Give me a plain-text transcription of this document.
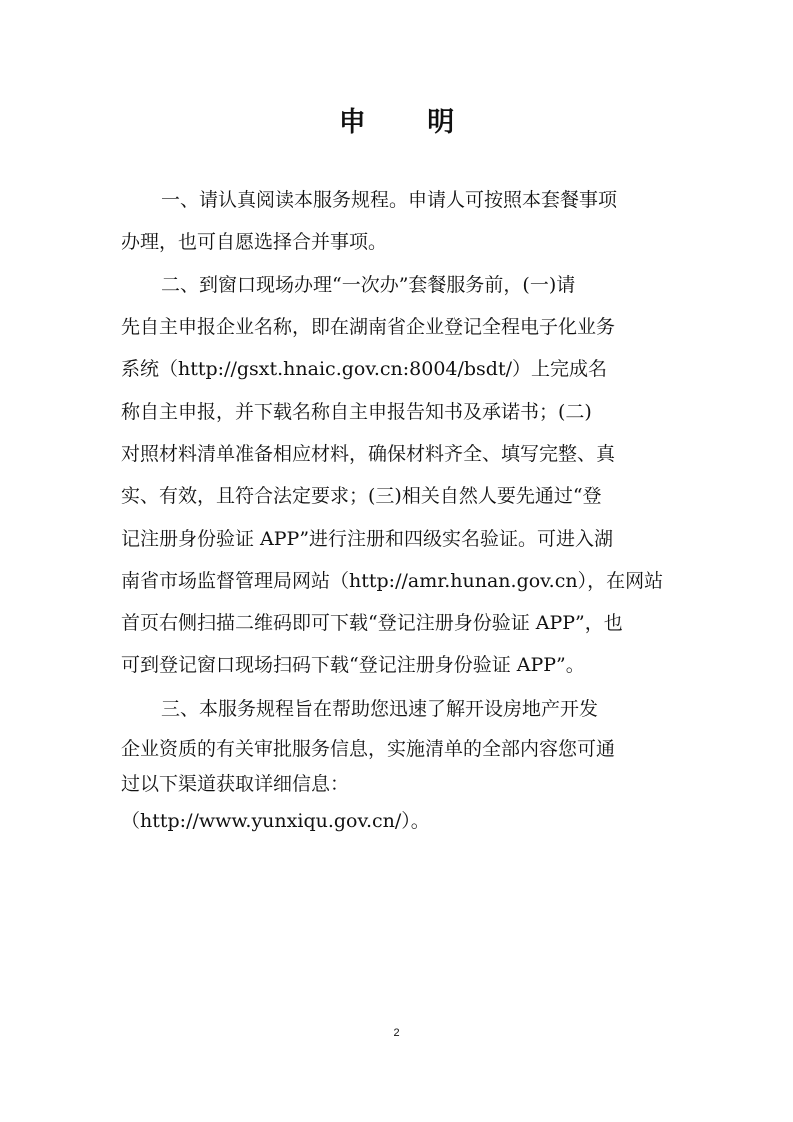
申 明
一、请认真阅读本服务规程。申请人可按照本套餐事项
办理，也可自愿选择合并事项。
二、到窗口现场办理“一次办”套餐服务前，(一)请
先自主申报企业名称，即在湖南省企业登记全程电子化业务
系统（http://gsxt.hnaic.gov.cn:8004/bsdt/）上完成名
称自主申报，并下载名称自主申报告知书及承诺书；(二)
对照材料清单准备相应材料，确保材料齐全、填写完整、真
实、有效，且符合法定要求；(三)相关自然人要先通过“登
记注册身份验证 APP”进行注册和四级实名验证。可进入湖
南省市场监督管理局网站（http://amr.hunan.gov.cn），在网站
首页右侧扫描二维码即可下载“登记注册身份验证 APP”，也
可到登记窗口现场扫码下载“登记注册身份验证 APP”。
三、本服务规程旨在帮助您迅速了解开设房地产开发
企业资质的有关审批服务信息，实施清单的全部内容您可通
过以下渠道获取详细信息：
（http://www.yunxiqu.gov.cn/）。
2
